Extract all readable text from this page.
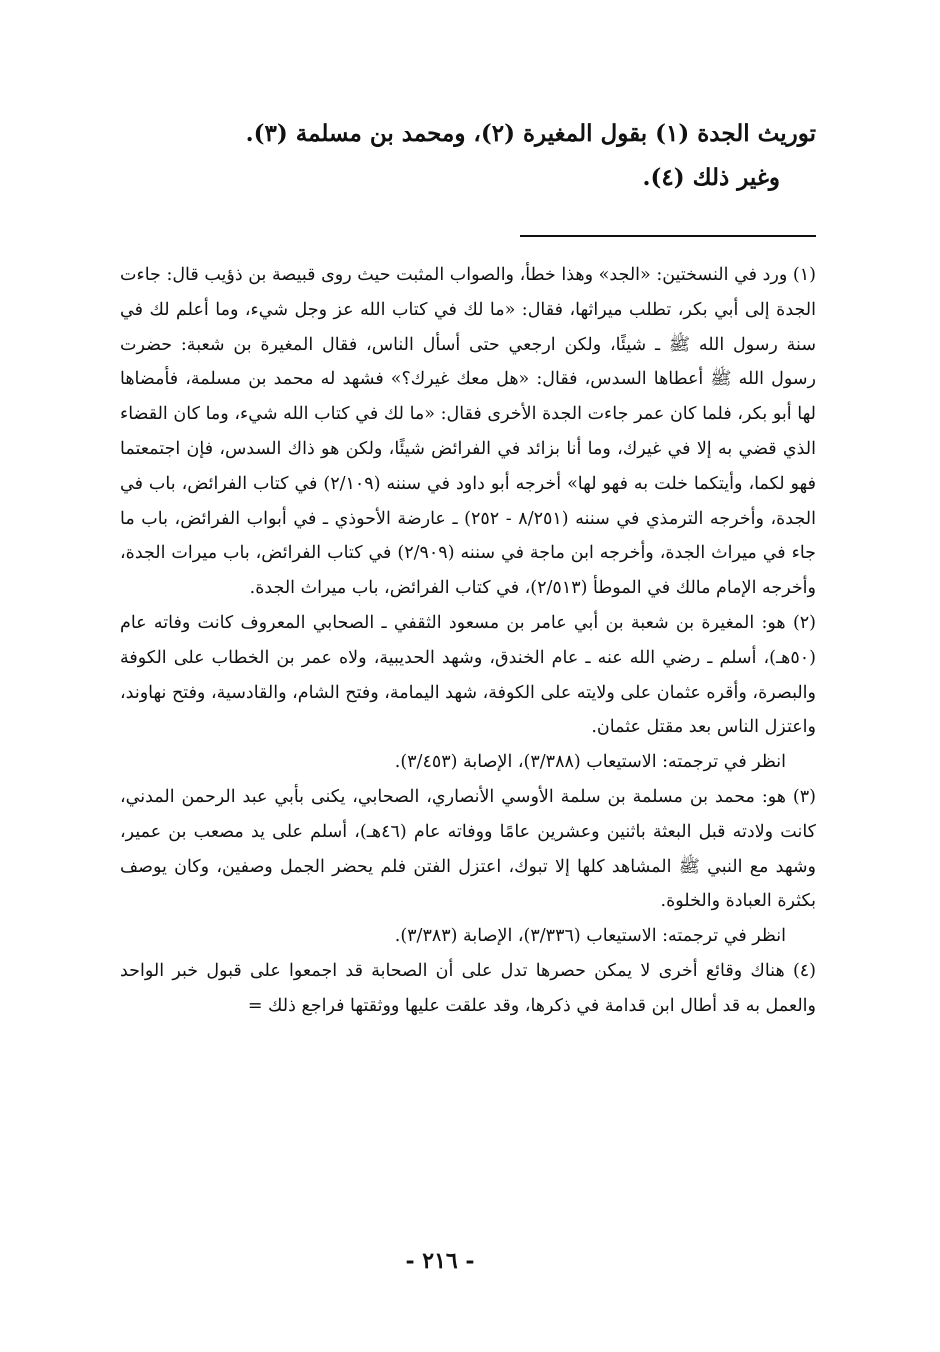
توريث الجدة (١) بقول المغيرة (٢)، ومحمد بن مسلمة (٣).

وغير ذلك (٤).

(١) ورد في النسختين: «الجد» وهذا خطأ، والصواب المثبت حيث روى قبيصة بن ذؤيب قال: جاءت الجدة إلى أبي بكر، تطلب ميراثها، فقال: «ما لك في كتاب الله عز وجل شيء، وما أعلم لك في سنة رسول الله ﷺ ـ شيئًا، ولكن ارجعي حتى أسأل الناس، فقال المغيرة بن شعبة: حضرت رسول الله ﷺ أعطاها السدس، فقال: «هل معك غيرك؟» فشهد له محمد بن مسلمة، فأمضاها لها أبو بكر، فلما كان عمر جاءت الجدة الأخرى فقال: «ما لك في كتاب الله شيء، وما كان القضاء الذي قضي به إلا في غيرك، وما أنا بزائد في الفرائض شيئًا، ولكن هو ذاك السدس، فإن اجتمعتما فهو لكما، وأيتكما خلت به فهو لها» أخرجه أبو داود في سننه (٢/١٠٩) في كتاب الفرائض، باب في الجدة، وأخرجه الترمذي في سننه (٨/٢٥١ - ٢٥٢) ـ عارضة الأحوذي ـ في أبواب الفرائض، باب ما جاء في ميراث الجدة، وأخرجه ابن ماجة في سننه (٢/٩٠٩) في كتاب الفرائض، باب ميرات الجدة، وأخرجه الإمام مالك في الموطأ (٢/٥١٣)، في كتاب الفرائض، باب ميراث الجدة.

(٢) هو: المغيرة بن شعبة بن أبي عامر بن مسعود الثقفي ـ الصحابي المعروف كانت وفاته عام (٥٠هـ)، أسلم ـ رضي الله عنه ـ عام الخندق، وشهد الحديبية، ولاه عمر بن الخطاب على الكوفة والبصرة، وأقره عثمان على ولايته على الكوفة، شهد اليمامة، وفتح الشام، والقادسية، وفتح نهاوند، واعتزل الناس بعد مقتل عثمان.

انظر في ترجمته: الاستيعاب (٣/٣٨٨)، الإصابة (٣/٤٥٣).

(٣) هو: محمد بن مسلمة بن سلمة الأوسي الأنصاري، الصحابي، يكنى بأبي عبد الرحمن المدني، كانت ولادته قبل البعثة باثنين وعشرين عامًا ووفاته عام (٤٦هـ)، أسلم على يد مصعب بن عمير، وشهد مع النبي ﷺ المشاهد كلها إلا تبوك، اعتزل الفتن فلم يحضر الجمل وصفين، وكان يوصف بكثرة العبادة والخلوة.

انظر في ترجمته: الاستيعاب (٣/٣٣٦)، الإصابة (٣/٣٨٣).

(٤) هناك وقائع أخرى لا يمكن حصرها تدل على أن الصحابة قد اجمعوا على قبول خبر الواحد والعمل به قد أطال ابن قدامة في ذكرها، وقد علقت عليها ووثقتها فراجع ذلك =

- ٢١٦ -
